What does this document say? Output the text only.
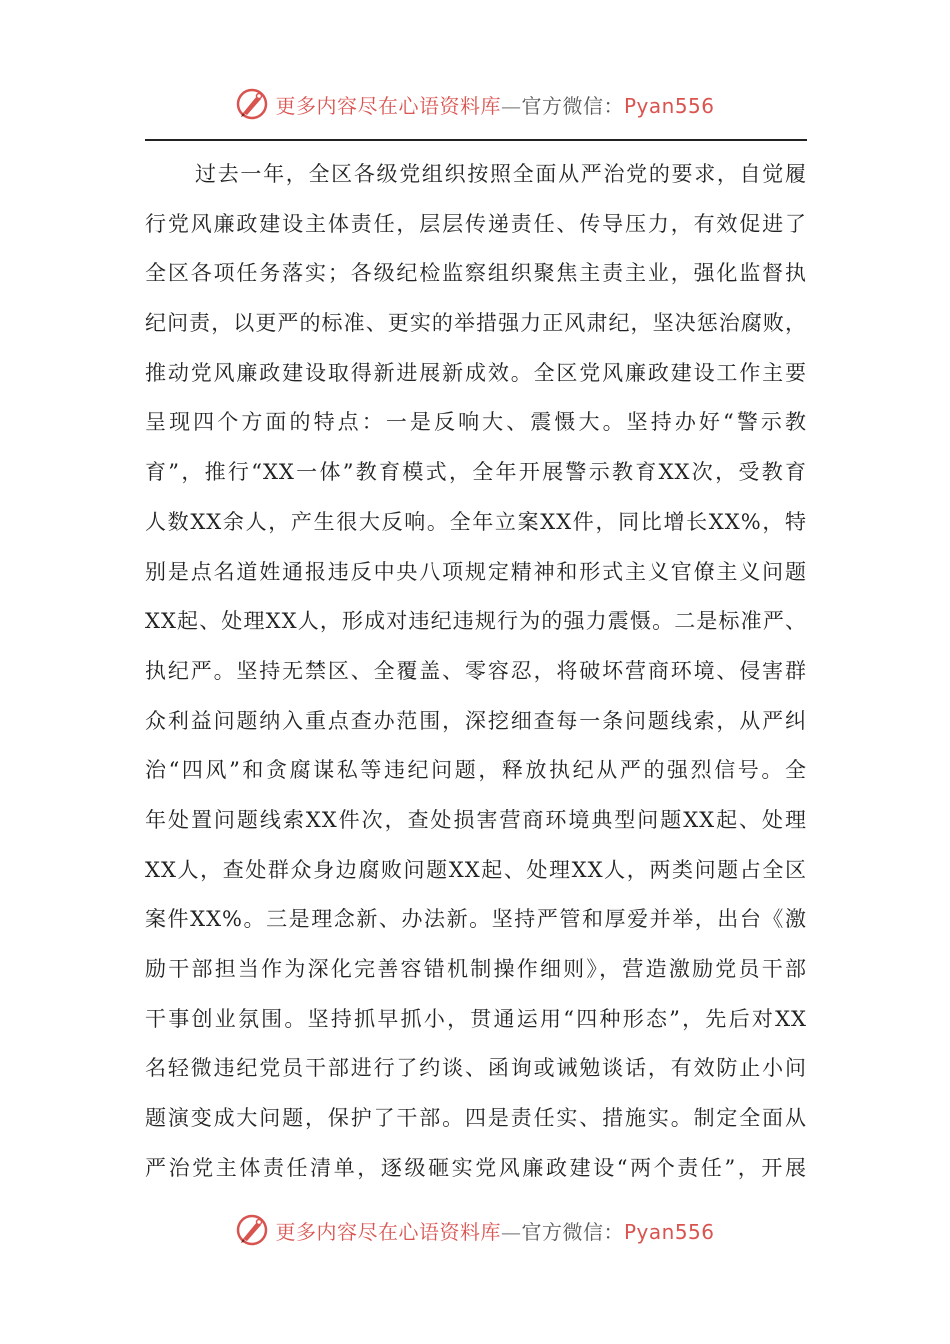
更多内容尽在心语资料库—官方微信：Pyan556
过去一年，全区各级党组织按照全面从严治党的要求，自觉履
行党风廉政建设主体责任，层层传递责任、传导压力，有效促进了
全区各项任务落实；各级纪检监察组织聚焦主责主业，强化监督执
纪问责，以更严的标准、更实的举措强力正风肃纪，坚决惩治腐败，
推动党风廉政建设取得新进展新成效。全区党风廉政建设工作主要
呈现四个方面的特点：一是反响大、震慑大。坚持办好“警示教
育”，推行“XX一体”教育模式，全年开展警示教育XX次，受教育
人数XX余人，产生很大反响。全年立案XX件，同比增长XX%，特
别是点名道姓通报违反中央八项规定精神和形式主义官僚主义问题
XX起、处理XX人，形成对违纪违规行为的强力震慑。二是标准严、
执纪严。坚持无禁区、全覆盖、零容忍，将破坏营商环境、侵害群
众利益问题纳入重点查办范围，深挖细查每一条问题线索，从严纠
治“四风”和贪腐谋私等违纪问题，释放执纪从严的强烈信号。全
年处置问题线索XX件次，查处损害营商环境典型问题XX起、处理
XX人，查处群众身边腐败问题XX起、处理XX人，两类问题占全区
案件XX%。三是理念新、办法新。坚持严管和厚爱并举，出台《激
励干部担当作为深化完善容错机制操作细则》，营造激励党员干部
干事创业氛围。坚持抓早抓小，贯通运用“四种形态”，先后对XX
名轻微违纪党员干部进行了约谈、函询或诫勉谈话，有效防止小问
题演变成大问题，保护了干部。四是责任实、措施实。制定全面从
严治党主体责任清单，逐级砸实党风廉政建设“两个责任”，开展
更多内容尽在心语资料库—官方微信：Pyan556
